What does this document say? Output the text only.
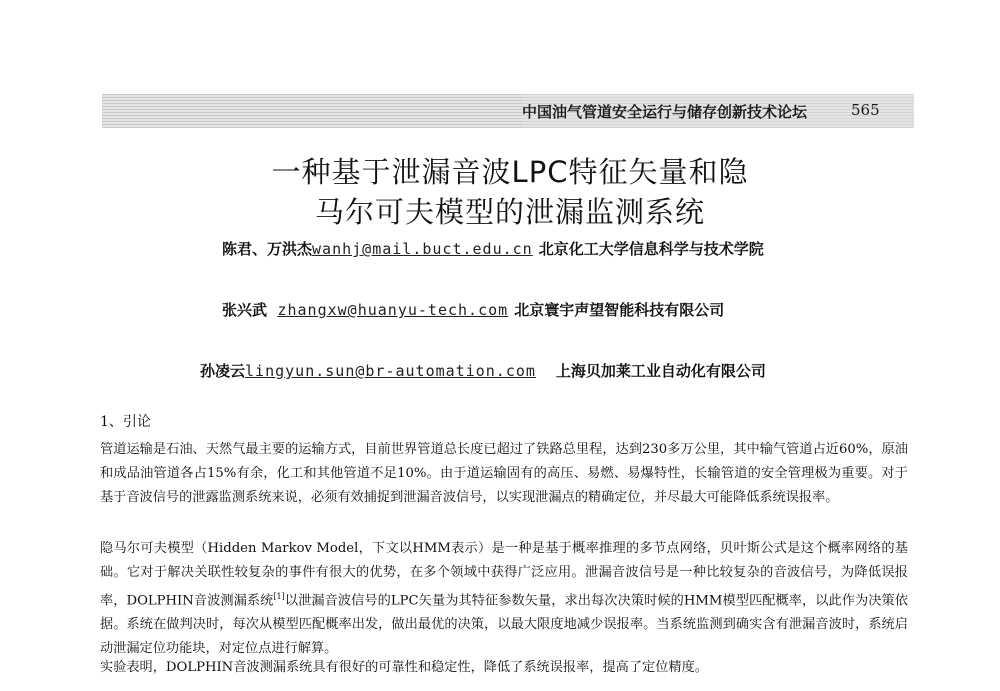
中国油气管道安全运行与储存创新技术论坛	565
一种基于泄漏音波LPC特征矢量和隐
马尔可夫模型的泄漏监测系统
陈君、万洪杰wanhj@mail.buct.edu.cn 北京化工大学信息科学与技术学院
张兴武 zhangxw@huanyu-tech.com 北京寰宇声望智能科技有限公司
孙凌云lingyun.sun@br-automation.com 上海贝加莱工业自动化有限公司
1、引论

管道运输是石油、天然气最主要的运输方式，目前世界管道总长度已超过了铁路总里程，达到230多万公里，其中输气管道占近60%，原油和成品油管道各占15%有余，化工和其他管道不足10%。由于道运输固有的高压、易燃、易爆特性，长输管道的安全管理极为重要。对于基于音波信号的泄露监测系统来说，必须有效捕捉到泄漏音波信号，以实现泄漏点的精确定位，并尽最大可能降低系统误报率。

隐马尔可夫模型（Hidden Markov Model，下文以HMM表示）是一种是基于概率推理的多节点网络，贝叶斯公式是这个概率网络的基础。它对于解决关联性较复杂的事件有很大的优势，在多个领域中获得广泛应用。泄漏音波信号是一种比较复杂的音波信号，为降低误报率，DOLPHIN音波测漏系统[1]以泄漏音波信号的LPC矢量为其特征参数矢量，求出每次决策时候的HMM模型匹配概率，以此作为决策依据。系统在做判决时，每次从模型匹配概率出发，做出最优的决策，以最大限度地减少误报率。当系统监测到确实含有泄漏音波时，系统启动泄漏定位功能块，对定位点进行解算。

实验表明，DOLPHIN音波测漏系统具有很好的可靠性和稳定性，降低了系统误报率，提高了定位精度。
